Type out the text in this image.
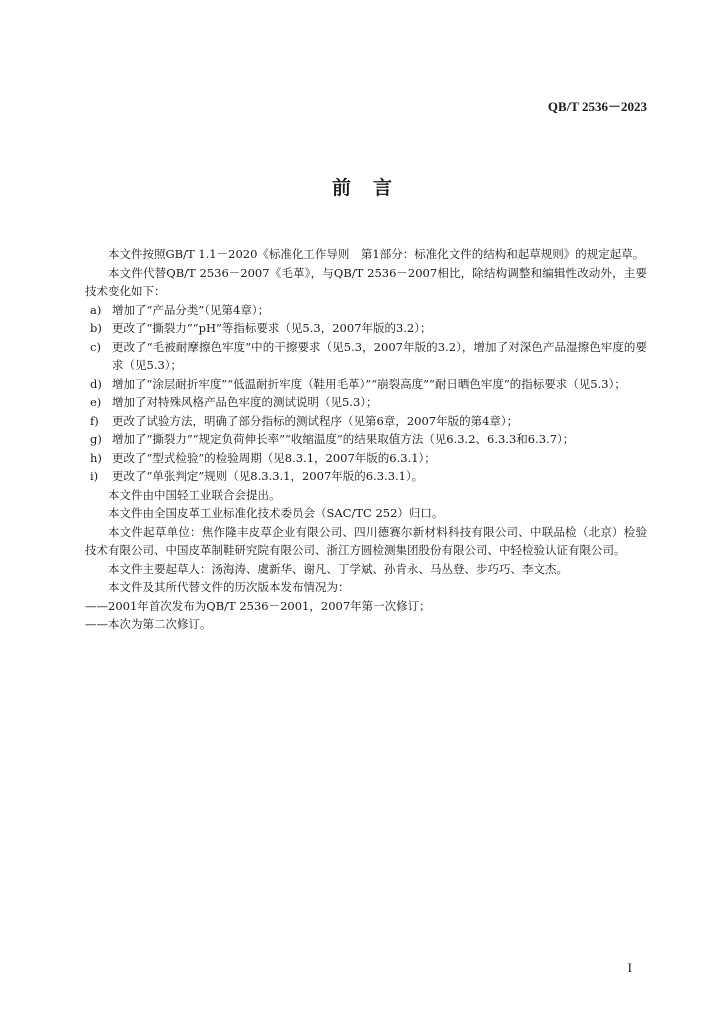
QB/T 2536－2023
前言

本文件按照GB/T 1.1－2020《标准化工作导则　第1部分：标准化文件的结构和起草规则》的规定起草。

本文件代替QB/T 2536－2007《毛革》，与QB/T 2536－2007相比，除结构调整和编辑性改动外，主要技术变化如下：

a) 增加了“产品分类”（见第4章）；
b) 更改了“撕裂力”“pH”等指标要求（见5.3，2007年版的3.2）；
c) 更改了“毛被耐摩擦色牢度”中的干擦要求（见5.3，2007年版的3.2），增加了对深色产品湿擦色牢度的要求（见5.3）；
d) 增加了“涂层耐折牢度”“低温耐折牢度（鞋用毛革）”“崩裂高度”“耐日晒色牢度”的指标要求（见5.3）；
e) 增加了对特殊风格产品色牢度的测试说明（见5.3）；
f)	更改了试验方法，明确了部分指标的测试程序（见第6章，2007年版的第4章）；
g) 增加了“撕裂力”“规定负荷伸长率”“收缩温度”的结果取值方法（见6.3.2、6.3.3和6.3.7）；
h) 更改了“型式检验”的检验周期（见8.3.1，2007年版的6.3.1）；
i)	更改了“单张判定”规则（见8.3.3.1，2007年版的6.3.3.1）。

本文件由中国轻工业联合会提出。

本文件由全国皮革工业标准化技术委员会（SAC/TC 252）归口。

本文件起草单位：焦作隆丰皮草企业有限公司、四川德赛尔新材料科技有限公司、中联品检（北京）检验技术有限公司、中国皮革制鞋研究院有限公司、浙江方圆检测集团股份有限公司、中轻检验认证有限公司。

本文件主要起草人：汤海涛、虞新华、谢凡、丁学斌、孙肯永、马丛登、步巧巧、李文杰。

本文件及其所代替文件的历次版本发布情况为：

——2001年首次发布为QB/T 2536－2001，2007年第一次修订；

——本次为第二次修订。

I
